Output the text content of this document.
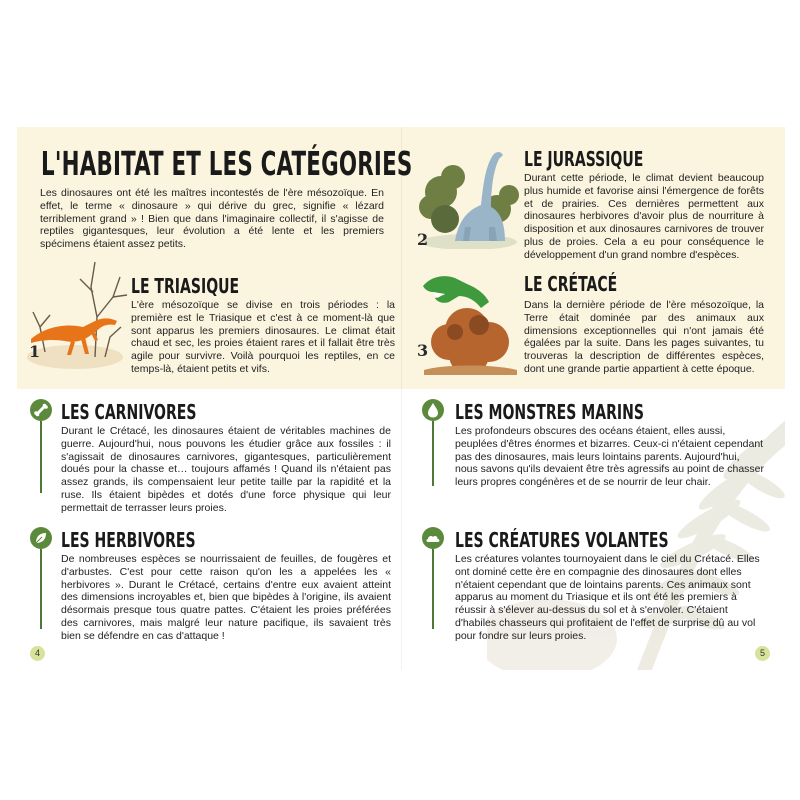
L'HABITAT ET LES CATÉGORIES
Les dinosaures ont été les maîtres incontestés de l'ère mésozoïque. En effet, le terme « dinosaure » qui dérive du grec, signifie « lézard terriblement grand » ! Bien que dans l'imaginaire collectif, il s'agisse de reptiles gigantesques, leur évolution a été lente et les premiers spécimens étaient assez petits.
1
LE TRIASIQUE
L'ère mésozoïque se divise en trois périodes : la première est le Triasique et c'est à ce moment-là que sont apparus les premiers dinosaures. Le climat était chaud et sec, les proies étaient rares et il fallait être très agile pour survivre. Voilà pourquoi les reptiles, en ce temps-là, étaient petits et vifs.
2
LE JURASSIQUE
Durant cette période, le climat devient beaucoup plus humide et favorise ainsi l'émergence de forêts et de prairies. Ces dernières permettent aux dinosaures herbivores d'avoir plus de nourriture à disposition et aux dinosaures carnivores de trouver plus de proies. Cela a eu pour conséquence le développement d'un grand nombre d'espèces.
3
LE CRÉTACÉ
Dans la dernière période de l'ère mésozoïque, la Terre était dominée par des animaux aux dimensions exceptionnelles qui n'ont jamais été égalées par la suite. Dans les pages suivantes, tu trouveras la description de différentes espèces, dont une grande partie appartient à cette époque.
LES CARNIVORES
Durant le Crétacé, les dinosaures étaient de véritables machines de guerre. Aujourd'hui, nous pouvons les étudier grâce aux fossiles : il s'agissait de dinosaures carnivores, gigantesques, particulièrement doués pour la chasse et… toujours affamés ! Quand ils n'étaient pas assez grands, ils compensaient leur petite taille par la rapidité et la ruse. Ils étaient bipèdes et dotés d'une force physique qui leur permettait de terrasser leurs proies.
LES HERBIVORES
De nombreuses espèces se nourrissaient de feuilles, de fougères et d'arbustes. C'est pour cette raison qu'on les a appelées les « herbivores ». Durant le Crétacé, certains d'entre eux avaient atteint des dimensions incroyables et, bien que bipèdes à l'origine, ils avaient désormais presque tous quatre pattes. C'étaient les proies préférées des carnivores, mais malgré leur nature pacifique, ils savaient très bien se défendre en cas d'attaque !
LES MONSTRES MARINS
Les profondeurs obscures des océans étaient, elles aussi, peuplées d'êtres énormes et bizarres. Ceux-ci n'étaient cependant pas des dinosaures, mais leurs lointains parents. Aujourd'hui, nous savons qu'ils devaient être très agressifs au point de chasser leurs propres congénères et de se nourrir de leur chair.
LES CRÉATURES VOLANTES
Les créatures volantes tournoyaient dans le ciel du Crétacé. Elles ont dominé cette ère en compagnie des dinosaures dont elles n'étaient cependant que de lointains parents. Ces animaux sont apparus au moment du Triasique et ils ont été les premiers à réussir à s'élever au-dessus du sol et à s'envoler. C'étaient d'habiles chasseurs qui profitaient de l'effet de surprise dû au vol pour fondre sur leurs proies.
4	5
